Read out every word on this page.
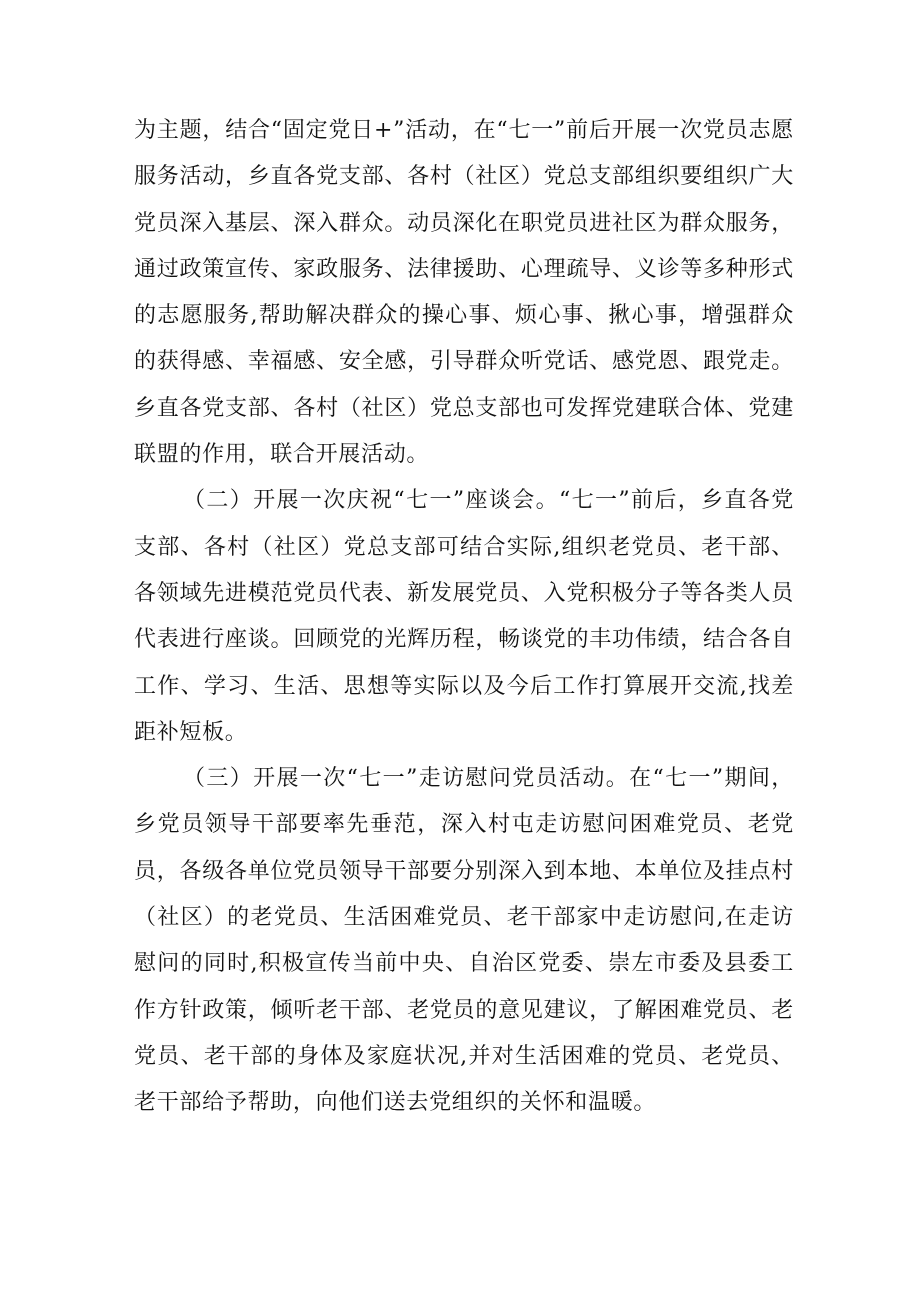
为主题，结合“固定党日+”活动，在“七一”前后开展一次党员志愿服务活动，乡直各党支部、各村（社区）党总支部组织要组织广大党员深入基层、深入群众。动员深化在职党员进社区为群众服务，通过政策宣传、家政服务、法律援助、心理疏导、义诊等多种形式的志愿服务,帮助解决群众的操心事、烦心事、揪心事，增强群众的获得感、幸福感、安全感，引导群众听党话、感党恩、跟党走。乡直各党支部、各村（社区）党总支部也可发挥党建联合体、党建联盟的作用，联合开展活动。

（二）开展一次庆祝“七一”座谈会。“七一”前后，乡直各党支部、各村（社区）党总支部可结合实际,组织老党员、老干部、各领域先进模范党员代表、新发展党员、入党积极分子等各类人员代表进行座谈。回顾党的光辉历程，畅谈党的丰功伟绩，结合各自工作、学习、生活、思想等实际以及今后工作打算展开交流,找差距补短板。

（三）开展一次“七一”走访慰问党员活动。在“七一”期间，乡党员领导干部要率先垂范，深入村屯走访慰问困难党员、老党员，各级各单位党员领导干部要分别深入到本地、本单位及挂点村（社区）的老党员、生活困难党员、老干部家中走访慰问,在走访慰问的同时,积极宣传当前中央、自治区党委、崇左市委及县委工作方针政策，倾听老干部、老党员的意见建议，了解困难党员、老党员、老干部的身体及家庭状况,并对生活困难的党员、老党员、老干部给予帮助，向他们送去党组织的关怀和温暖。
